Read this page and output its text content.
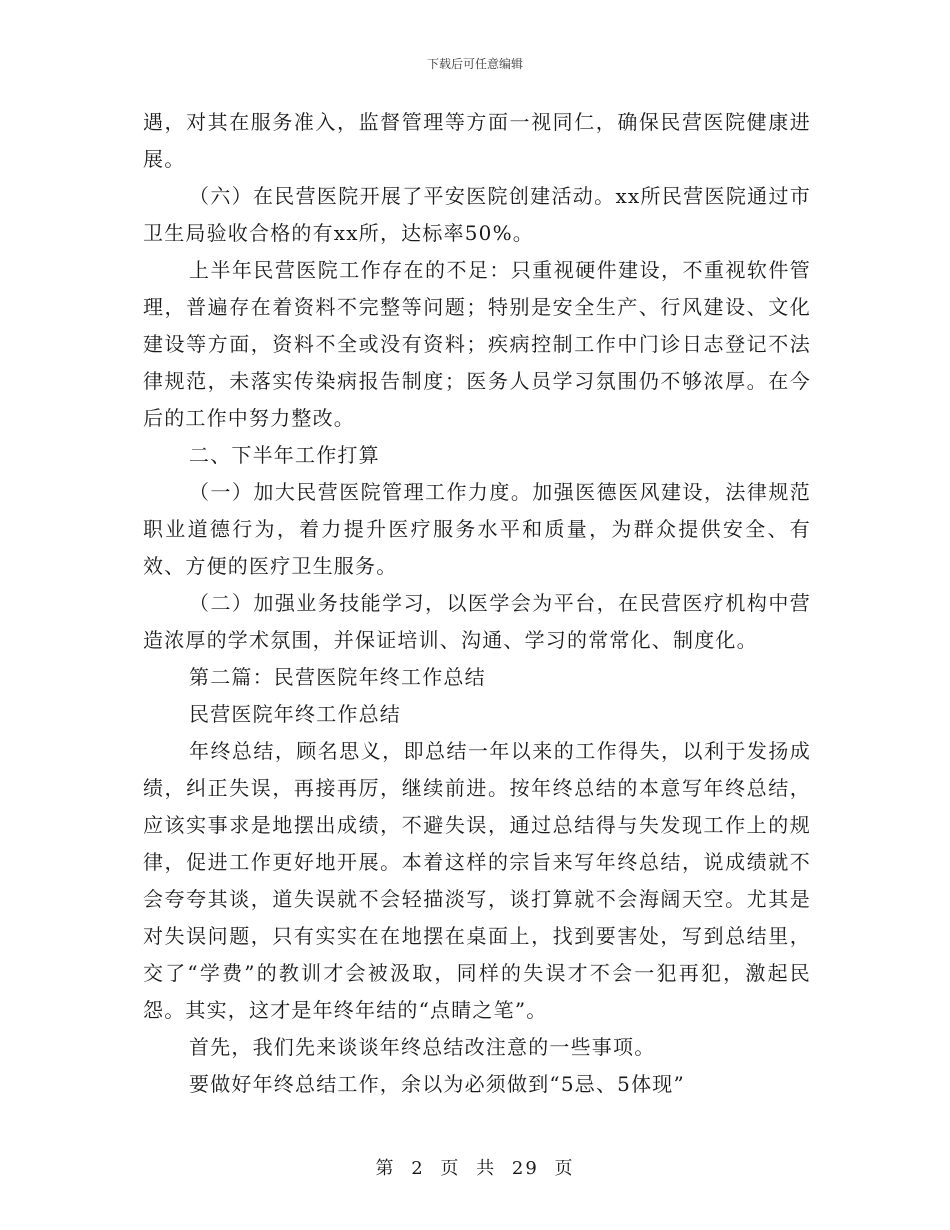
下载后可任意编辑

遇，对其在服务准入，监督管理等方面一视同仁，确保民营医院健康进展。

（六）在民营医院开展了平安医院创建活动。xx所民营医院通过市卫生局验收合格的有xx所，达标率50%。

上半年民营医院工作存在的不足：只重视硬件建设，不重视软件管理，普遍存在着资料不完整等问题；特别是安全生产、行风建设、文化建设等方面，资料不全或没有资料；疾病控制工作中门诊日志登记不法律规范，未落实传染病报告制度；医务人员学习氛围仍不够浓厚。在今后的工作中努力整改。

二、下半年工作打算

（一）加大民营医院管理工作力度。加强医德医风建设，法律规范职业道德行为，着力提升医疗服务水平和质量，为群众提供安全、有效、方便的医疗卫生服务。

（二）加强业务技能学习，以医学会为平台，在民营医疗机构中营造浓厚的学术氛围，并保证培训、沟通、学习的常常化、制度化。

第二篇：民营医院年终工作总结

民营医院年终工作总结

年终总结，顾名思义，即总结一年以来的工作得失，以利于发扬成绩，纠正失误，再接再厉，继续前进。按年终总结的本意写年终总结，应该实事求是地摆出成绩，不避失误，通过总结得与失发现工作上的规律，促进工作更好地开展。本着这样的宗旨来写年终总结，说成绩就不会夸夸其谈，道失误就不会轻描淡写，谈打算就不会海阔天空。尤其是对失误问题，只有实实在在地摆在桌面上，找到要害处，写到总结里，交了“学费”的教训才会被汲取，同样的失误才不会一犯再犯，激起民怨。其实，这才是年终年结的“点睛之笔”。

首先，我们先来谈谈年终总结改注意的一些事项。

要做好年终总结工作，余以为必须做到“5忌、5体现”

第 2 页 共 29 页
